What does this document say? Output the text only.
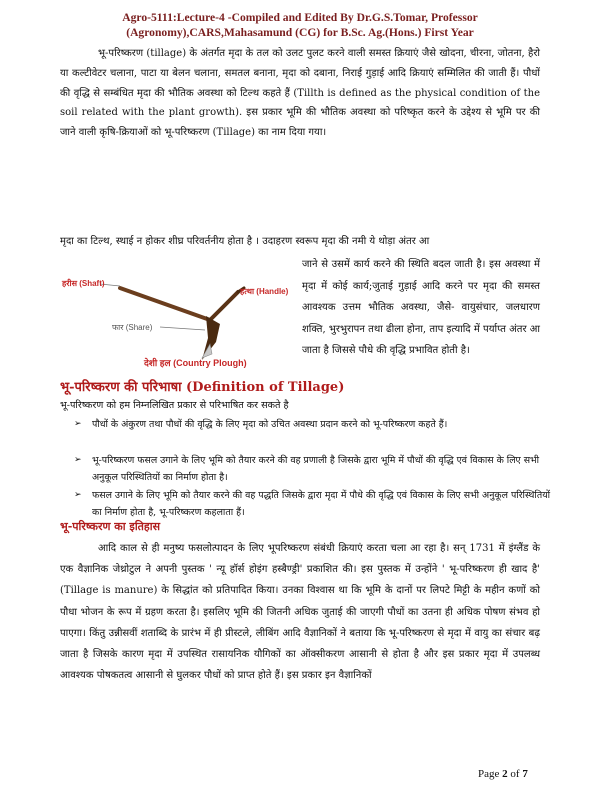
Agro-5111:Lecture-4 -Compiled and Edited By Dr.G.S.Tomar, Professor
(Agronomy),CARS,Mahasamund (CG) for B.Sc. Ag.(Hons.) First Year

भू-परिष्करण (tillage) के अंतर्गत मृदा के तल को उलट पुलट करने वाली समस्त क्रियाएं जैसे खोदना, चीरना, जोतना, हैरो या कल्टीवेटर चलाना, पाटा या बेलन चलाना, समतल बनाना, मृदा को दबाना, निराई गुड़ाई आदि क्रियाएं सम्मिलित की जाती हैं। पौधों की वृद्धि से सम्बंधित मृदा की भौतिक अवस्था को टिल्थ कहते हैं (Tillth is defined as the physical condition of the soil related with the plant growth). इस प्रकार भूमि की भौतिक अवस्था को परिष्कृत करने के उद्देश्य से भूमि पर की जाने वाली कृषि-क्रियाओं को भू-परिष्करण (Tillage) का नाम दिया गया।

मृदा का टिल्थ, स्थाई न होकर शीघ्र परिवर्तनीय होता है । उदाहरण स्वरूप मृदा की नमी ये थोड़ा अंतर आ

जाने से उसमें कार्य करने की स्थिति बदल जाती है। इस अवस्था में मृदा में कोई कार्य;जुताई गुड़ाई आदि करने पर मृदा की समस्त आवश्यक उत्तम भौतिक अवस्था, जैसे- वायुसंचार, जलधारण शक्ति, भुरभुरापन तथा ढीला होना, ताप इत्यादि में पर्याप्त अंतर आ जाता है जिससे पौधे की वृद्धि प्रभावित होती है।

हरीस (Shaft)
हत्था (Handle)
फार (Share)
देशी हल (Country Plough)
भू-परिष्करण की परिभाषा (Definition of Tillage)

भू-परिष्करण को हम निम्नलिखित प्रकार से परिभाषित कर सकते है

➢ पौधों के अंकुरण तथा पौधों की वृद्धि के लिए मृदा को उचित अवस्था प्रदान करने को भू-परिष्करण कहते हैं।
➢ भू-परिष्करण फसल उगाने के लिए भूमि को तैयार करने की वह प्रणाली है जिसके द्वारा भूमि में पौधों की वृद्धि एवं विकास के लिए सभी अनुकूल परिस्थितियों का निर्माण होता है।
➢ फसल उगाने के लिए भूमि को तैयार करने की वह पद्धति जिसके द्वारा मृदा में पौधे की वृद्धि एवं विकास के लिए सभी अनुकूल परिस्थितियों का निर्माण होता है, भू-परिष्करण कहलाता हैं।
भू-परिष्करण का इतिहास

आदि काल से ही मनुष्य फसलोत्पादन के लिए भूपरिष्करण संबंधी क्रियाएं करता चला आ रहा है। सन् 1731 में इंग्लैंड के एक वैज्ञानिक जेथ्रोटुल ने अपनी पुस्तक ' न्यू हॉर्स होइंग हस्बैण्ड्री' प्रकाशित की। इस पुस्तक में उन्होंने ' भू-परिष्करण ही खाद है' (Tillage is manure) के सिद्धांत को प्रतिपादित किया। उनका विश्वास था कि भूमि के दानों पर लिपटे मिट्टी के महीन कणों को पौधा भोजन के रूप में ग्रहण करता है। इसलिए भूमि की जितनी अधिक जुताई की जाएगी पौधों का उतना ही अधिक पोषण संभव हो पाएगा। किंतु उन्नीसवीं शताब्दि के प्रारंभ में ही प्रीस्टले, लीबिंग आदि वैज्ञानिकों ने बताया कि भू-परिष्करण से मृदा में वायु का संचार बढ़ जाता है जिसके कारण मृदा में उपस्थित रासायनिक यौगिकों का ऑक्सीकरण आसानी से होता है और इस प्रकार मृदा में उपलब्ध आवश्यक पोषकतत्व आसानी से घुलकर पौधों को प्राप्त होते हैं। इस प्रकार इन वैज्ञानिकों

Page 2 of 7
